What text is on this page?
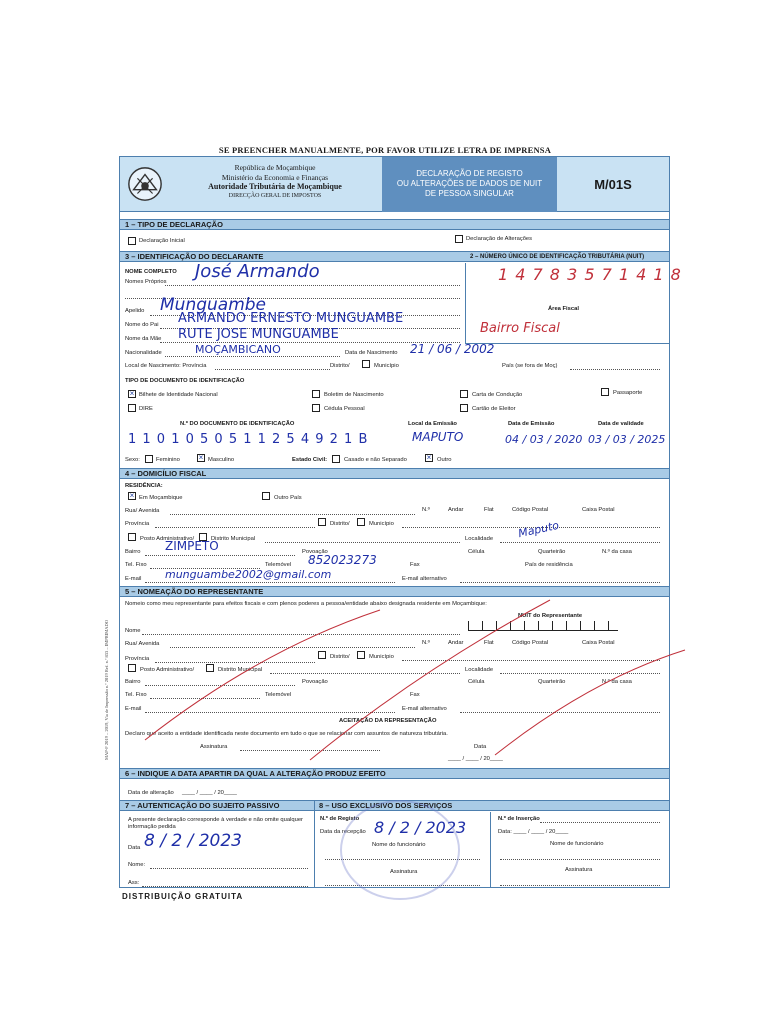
SE PREENCHER MANUALMENTE, POR FAVOR UTILIZE LETRA DE IMPRENSA
República de Moçambique
Ministério da Economia e Finanças
Autoridade Tributária de Moçambique
DIRECÇÃO GERAL DE IMPOSTOS
DECLARAÇÃO DE REGISTO
OU ALTERAÇÕES DE DADOS DE NUIT
DE PESSOA SINGULAR
M/01S
1 – TIPO DE DECLARAÇÃO
Declaração Inicial	Declaração de Alterações
3 – IDENTIFICAÇÃO DO DECLARANTE	2 – NÚMERO ÚNICO DE IDENTIFICAÇÃO TRIBUTÁRIA (NUIT)
1 4 7 8 3 5 7 1 4 1 8
Área Fiscal
Bairro Fiscal
NOME COMPLETO
Nomes Próprios José Armando
Apelido Munguambe
Nome do Pai ARMANDO ERNESTO MUNGUAMBE
Nome da Mãe RUTE JOSE MUNGUAMBE
Nacionalidade	MOÇAMBICANO	Data de Nascimento 21 / 06 / 2002
Local de Nascimento: Província	Distrito/	Município	País (se fora de Moç)
TIPO DE DOCUMENTO DE IDENTIFICAÇÃO
× Bilhete de Identidade Nacional	Boletim de Nascimento	Carta de Condução	Passaporte
DIRE	Cédula Pessoal	Cartão de Eleitor
N.º DO DOCUMENTO DE IDENTIFICAÇÃO	Local da Emissão	Data de Emissão	Data de validade
1 1 0 1 0 5 0 5 1 1 2 5 4 9 2 1 B	MAPUTO	04 / 03 / 2020 03 / 03 / 2025
Sexo:	Feminino × Masculino	Estado Civil:	Casado e não Separado × Outro
4 – DOMICÍLIO FISCAL
RESIDÊNCIA:
× Em Moçambique	Outro País
Rua/ Avenida	N.º	Andar	Flat	Código Postal	Caixa Postal
Província	Distrito/	Município
Posto Administrativo/	Distrito Municipal	Localidade Maputo
Bairro ZIMPETO	Povoação	Célula	Quarteirão	N.º da casa
Tel. Fixo	Telemóvel 852023273	Fax	País de residência
E-mail munguambe2002@gmail.com	E-mail alternativo
5 – NOMEAÇÃO DO REPRESENTANTE
Nomeio como meu representante para efeitos fiscais e com plenos poderes a pessoa/entidade abaixo designada residente em Moçambique:
NUIT do Representante
Nome
Rua/ Avenida	N.º	Andar	Flat	Código Postal	Caixa Postal
Província	Distrito/	Município
Posto Administrativo/	Distrito Municipal	Localidade
Bairro	Povoação	Célula	Quarteirão	N.º da casa
Tel. Fixo	Telemóvel	Fax
E-mail	E-mail alternativo
ACEITAÇÃO DA REPRESENTAÇÃO
Declaro que aceito a entidade identificada neste documento em tudo o que se relacionar com assuntos de natureza tributária.
Assinatura	Data
____ / ____ / 20____
6 – INDIQUE A DATA APARTIR DA QUAL A ALTERAÇÃO PRODUZ EFEITO
Data de alteração ____ / ____ / 20____
7 – AUTENTICAÇÃO DO SUJEITO PASSIVO	8 – USO EXCLUSIVO DOS SERVIÇOS
A presente declaração corresponde à verdade e não omite qualquer informação pedida
Data 8 / 2 / 2023
Nome:
Ass:
N.º de Registo
Data da recepção 8 / 2 / 2023
Nome do funcionário
Assinatura
N.º de Inserção
Data: ____ / ____ / 20____
Nome de funcionário
Assinatura
DISTRIBUIÇÃO GRATUITA
MAP-F 2019 – 2019, Via de Impressão n.º 2019 Ref. n.º 833 – IMPRIMADO
